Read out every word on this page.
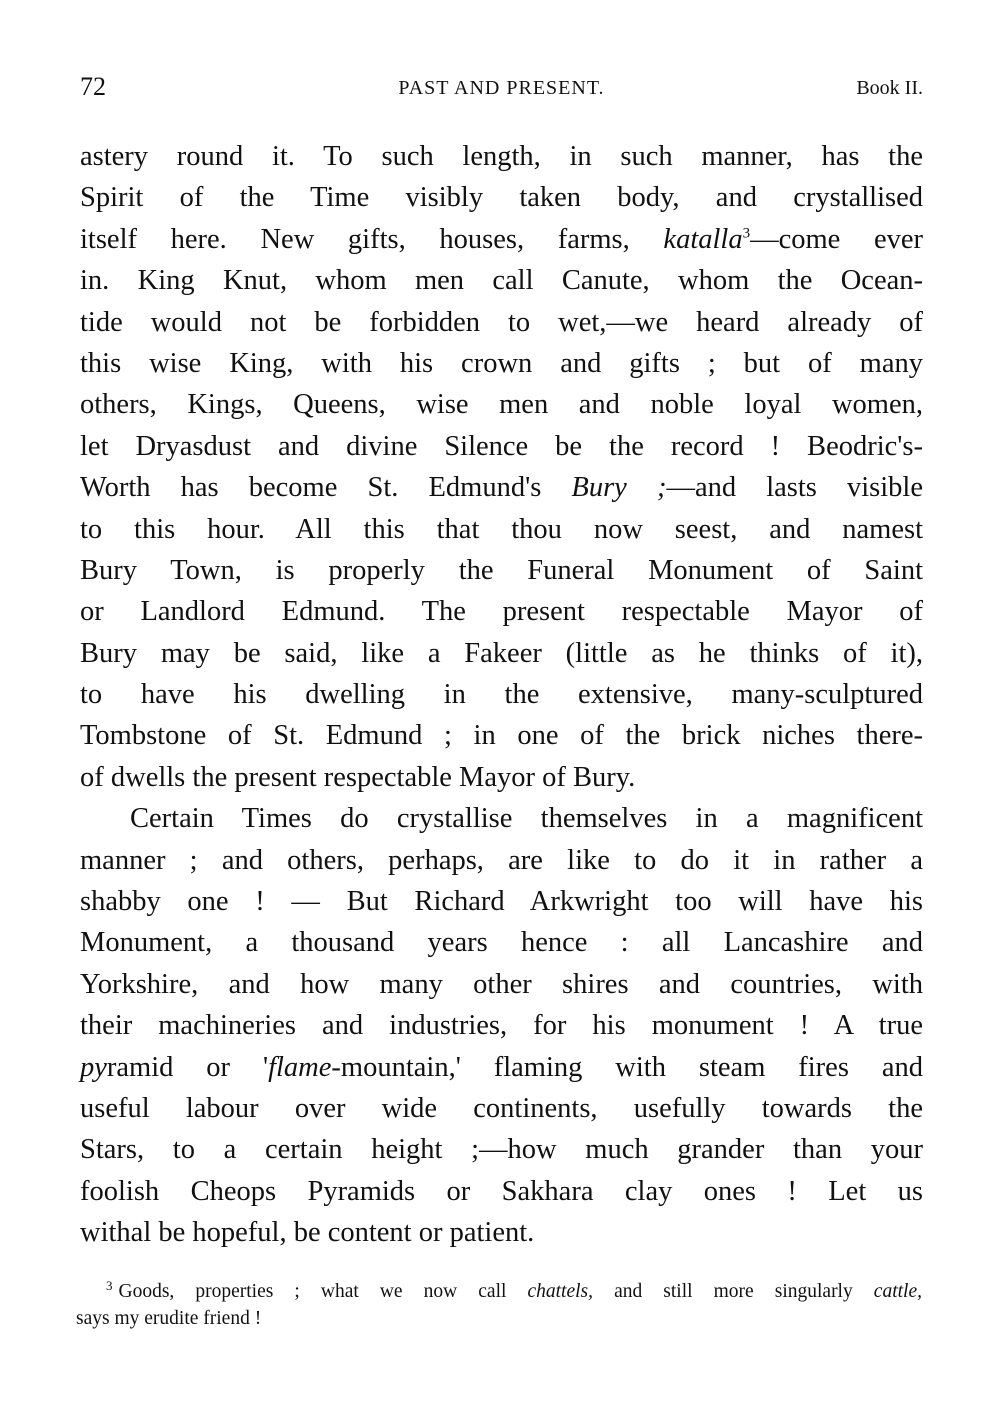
72	PAST AND PRESENT.	Book II.
astery round it. To such length, in such manner, has the
Spirit of the Time visibly taken body, and crystallised
itself here. New gifts, houses, farms, katalla$^3$—come ever
in. King Knut, whom men call Canute, whom the Ocean-
tide would not be forbidden to wet,—we heard already of
this wise King, with his crown and gifts ; but of many
others, Kings, Queens, wise men and noble loyal women,
let Dryasdust and divine Silence be the record ! Beodric's-
Worth has become St. Edmund's Bury ;—and lasts visible
to this hour. All this that thou now seest, and namest
Bury Town, is properly the Funeral Monument of Saint
or Landlord Edmund. The present respectable Mayor of
Bury may be said, like a Fakeer (little as he thinks of it),
to have his dwelling in the extensive, many-sculptured
Tombstone of St. Edmund ; in one of the brick niches there-
of dwells the present respectable Mayor of Bury.
Certain Times do crystallise themselves in a magnificent
manner ; and others, perhaps, are like to do it in rather a
shabby one ! — But Richard Arkwright too will have his
Monument, a thousand years hence : all Lancashire and
Yorkshire, and how many other shires and countries, with
their machineries and industries, for his monument ! A true
pyramid or 'flame-mountain,' flaming with steam fires and
useful labour over wide continents, usefully towards the
Stars, to a certain height ;—how much grander than your
foolish Cheops Pyramids or Sakhara clay ones ! Let us
withal be hopeful, be content or patient.
$^3$ Goods, properties ; what we now call chattels, and still more singularly cattle,
says my erudite friend !
